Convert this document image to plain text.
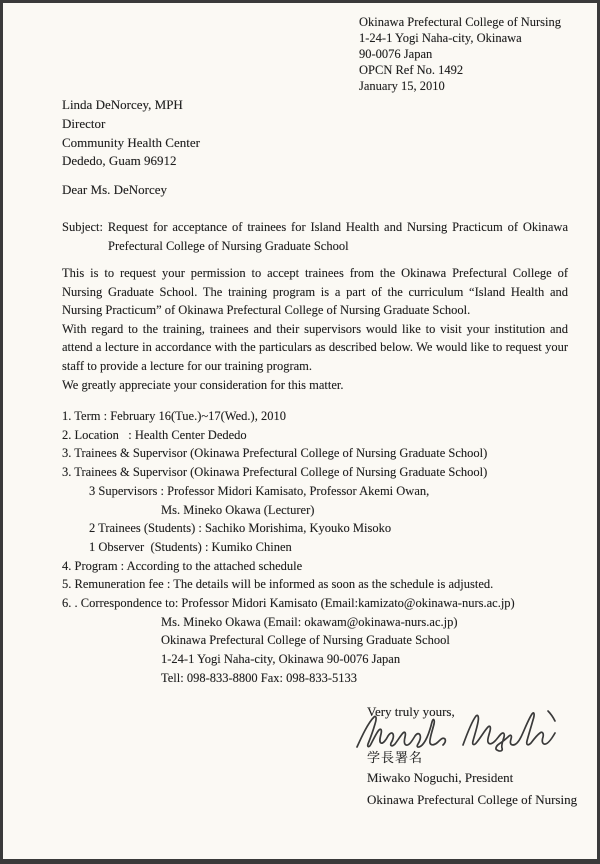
Okinawa Prefectural College of Nursing
1-24-1 Yogi Naha-city, Okinawa
90-0076 Japan
OPCN Ref No. 1492
January 15, 2010
Linda DeNorcey, MPH
Director
Community Health Center
Dededo, Guam 96912
Dear Ms. DeNorcey
Subject: Request for acceptance of trainees for Island Health and Nursing Practicum of Okinawa Prefectural College of Nursing Graduate School

This is to request your permission to accept trainees from the Okinawa Prefectural College of Nursing Graduate School. The training program is a part of the curriculum “Island Health and Nursing Practicum” of Okinawa Prefectural College of Nursing Graduate School.

With regard to the training, trainees and their supervisors would like to visit your institution and attend a lecture in accordance with the particulars as described below. We would like to request your staff to provide a lecture for our training program.

We greatly appreciate your consideration for this matter.

1. Term : February 16(Tue.)~17(Wed.), 2010
2. Location   : Health Center Dededo
3. Trainees & Supervisor (Okinawa Prefectural College of Nursing Graduate School)
3. Trainees & Supervisor (Okinawa Prefectural College of Nursing Graduate School)
3 Supervisors : Professor Midori Kamisato, Professor Akemi Owan,
Ms. Mineko Okawa (Lecturer)
2 Trainees (Students) : Sachiko Morishima, Kyouko Misoko
1 Observer  (Students) : Kumiko Chinen
4. Program : According to the attached schedule
5. Remuneration fee : The details will be informed as soon as the schedule is adjusted.
6. . Correspondence to: Professor Midori Kamisato (Email:kamizato@okinawa-nurs.ac.jp)
Ms. Mineko Okawa (Email: okawam@okinawa-nurs.ac.jp)
Okinawa Prefectural College of Nursing Graduate School
1-24-1 Yogi Naha-city, Okinawa 90-0076 Japan
Tell: 098-833-8800 Fax: 098-833-5133
Very truly yours,
学長署名
Miwako Noguchi, President
Okinawa Prefectural College of Nursing
